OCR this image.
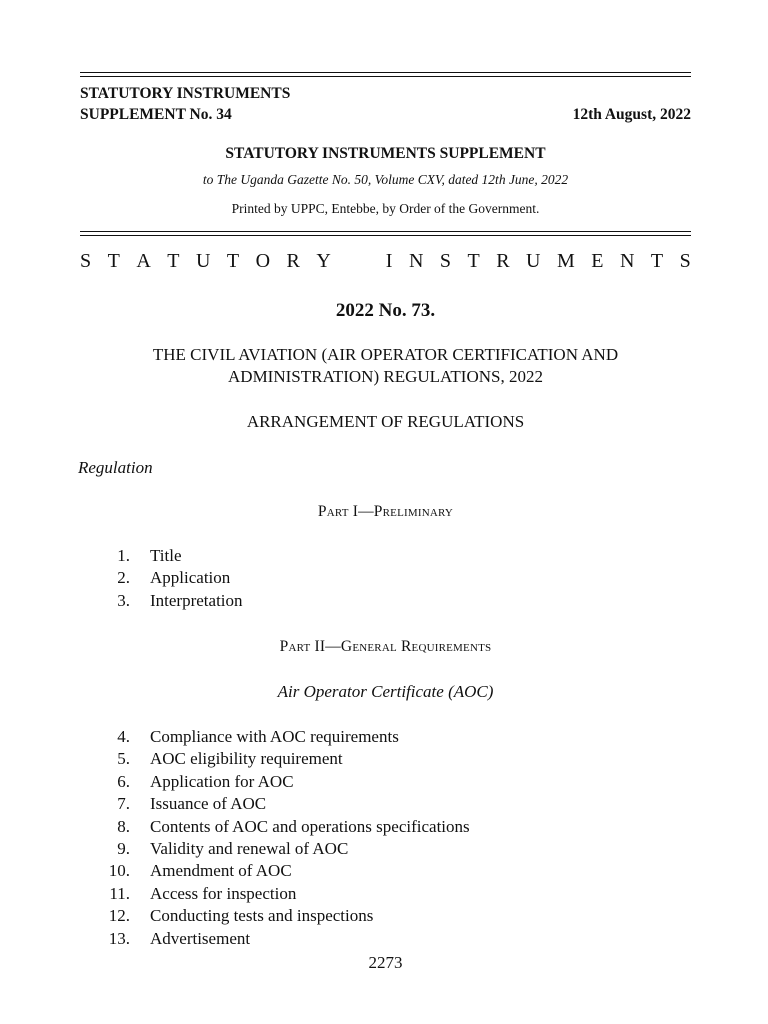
STATUTORY INSTRUMENTS
SUPPLEMENT No. 34	12th August, 2022
STATUTORY INSTRUMENTS SUPPLEMENT
to The Uganda Gazette No. 50, Volume CXV, dated 12th June, 2022
Printed by UPPC, Entebbe, by Order of the Government.
S T A T U T O R Y	I N S T R U M E N T S
2022 No. 73.
THE CIVIL AVIATION (AIR OPERATOR CERTIFICATION AND
ADMINISTRATION) REGULATIONS, 2022
ARRANGEMENT OF REGULATIONS
Regulation
Part I—Preliminary
1.	Title
2.	Application
3.	Interpretation
Part II—General Requirements
Air Operator Certificate (AOC)
4.	Compliance with AOC requirements
5.	AOC eligibility requirement
6.	Application for AOC
7.	Issuance of AOC
8.	Contents of AOC and operations specifications
9.	Validity and renewal of AOC
10.	Amendment of AOC
11.	Access for inspection
12.	Conducting tests and inspections
13.	Advertisement
2273
